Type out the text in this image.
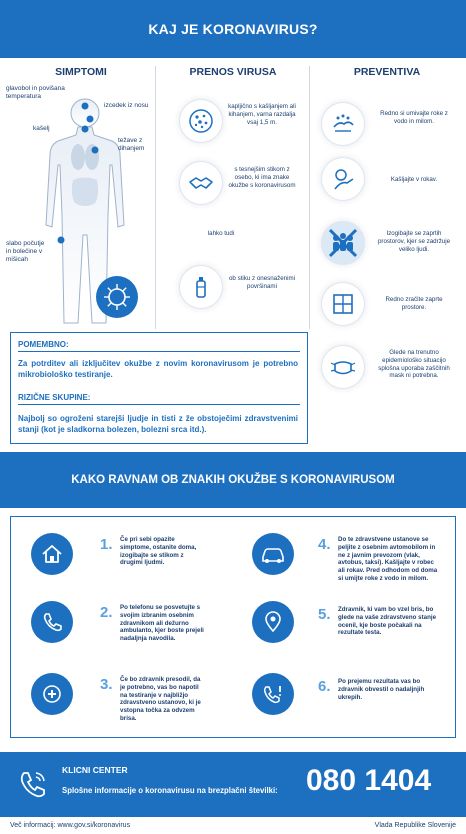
KAJ JE KORONAVIRUS?
SIMPTOMI	PRENOS VIRUSA	PREVENTIVA
glavobol in povišana temperatura
izcedek iz nosu
kašelj
težave z dihanjem
slabo počutje in bolečine v mišicah
kapljično s kašljanjem ali kihanjem, varna razdalja vsaj 1,5 m.
s tesnejšim stikom z osebo, ki ima znake okužbe s koronavirusom
lahko tudi
ob stiku z onesnaženimi površinami
Redno si umivajte roke z vodo in milom.
Kašljajte v rokav.
Izogibajte se zaprtih prostorov, kjer se zadržuje veliko ljudi.
Redno zračite zaprte prostore.
Glede na trenutno epidemiološko situacijo splošna uporaba zaščitnih mask ni potrebna.
POMEMBNO:
Za potrditev ali izključitev okužbe z novim koronavirusom je potrebno mikrobiološko testiranje.
RIZIČNE SKUPINE:
Najbolj so ogroženi starejši ljudje in tisti z že obstoječimi zdravstvenimi stanji (kot je sladkorna bolezen, bolezni srca itd.).
KAKO RAVNAM OB ZNAKIH OKUŽBE S KORONAVIRUSOM
1. Če pri sebi opazite simptome, ostanite doma, izogibajte se stikom z drugimi ljudmi.
2. Po telefonu se posvetujte s svojim izbranim osebnim zdravnikom ali dežurno ambulanto, kjer boste prejeli nadaljnja navodila.
3. Če bo zdravnik presodil, da je potrebno, vas bo napotil na testiranje v najbližjo zdravstveno ustanovo, ki je vstopna točka za odvzem brisa.
4. Do te zdravstvene ustanove se peljite z osebnim avtomobilom in ne z javnim prevozom (vlak, avtobus, taksi). Kašljajte v robec ali rokav. Pred odhodom od doma si umijte roke z vodo in milom.
5. Zdravnik, ki vam bo vzel bris, bo glede na vaše zdravstveno stanje ocenil, kje boste počakali na rezultate testa.
6. Po prejemu rezultata vas bo zdravnik obvestil o nadaljnjih ukrepih.
KLICNI CENTER
Splošne informacije o koronavirusu na brezplačni številki: 080 1404
Več informacij: www.gov.si/koronavirus	Vlada Republike Slovenije
